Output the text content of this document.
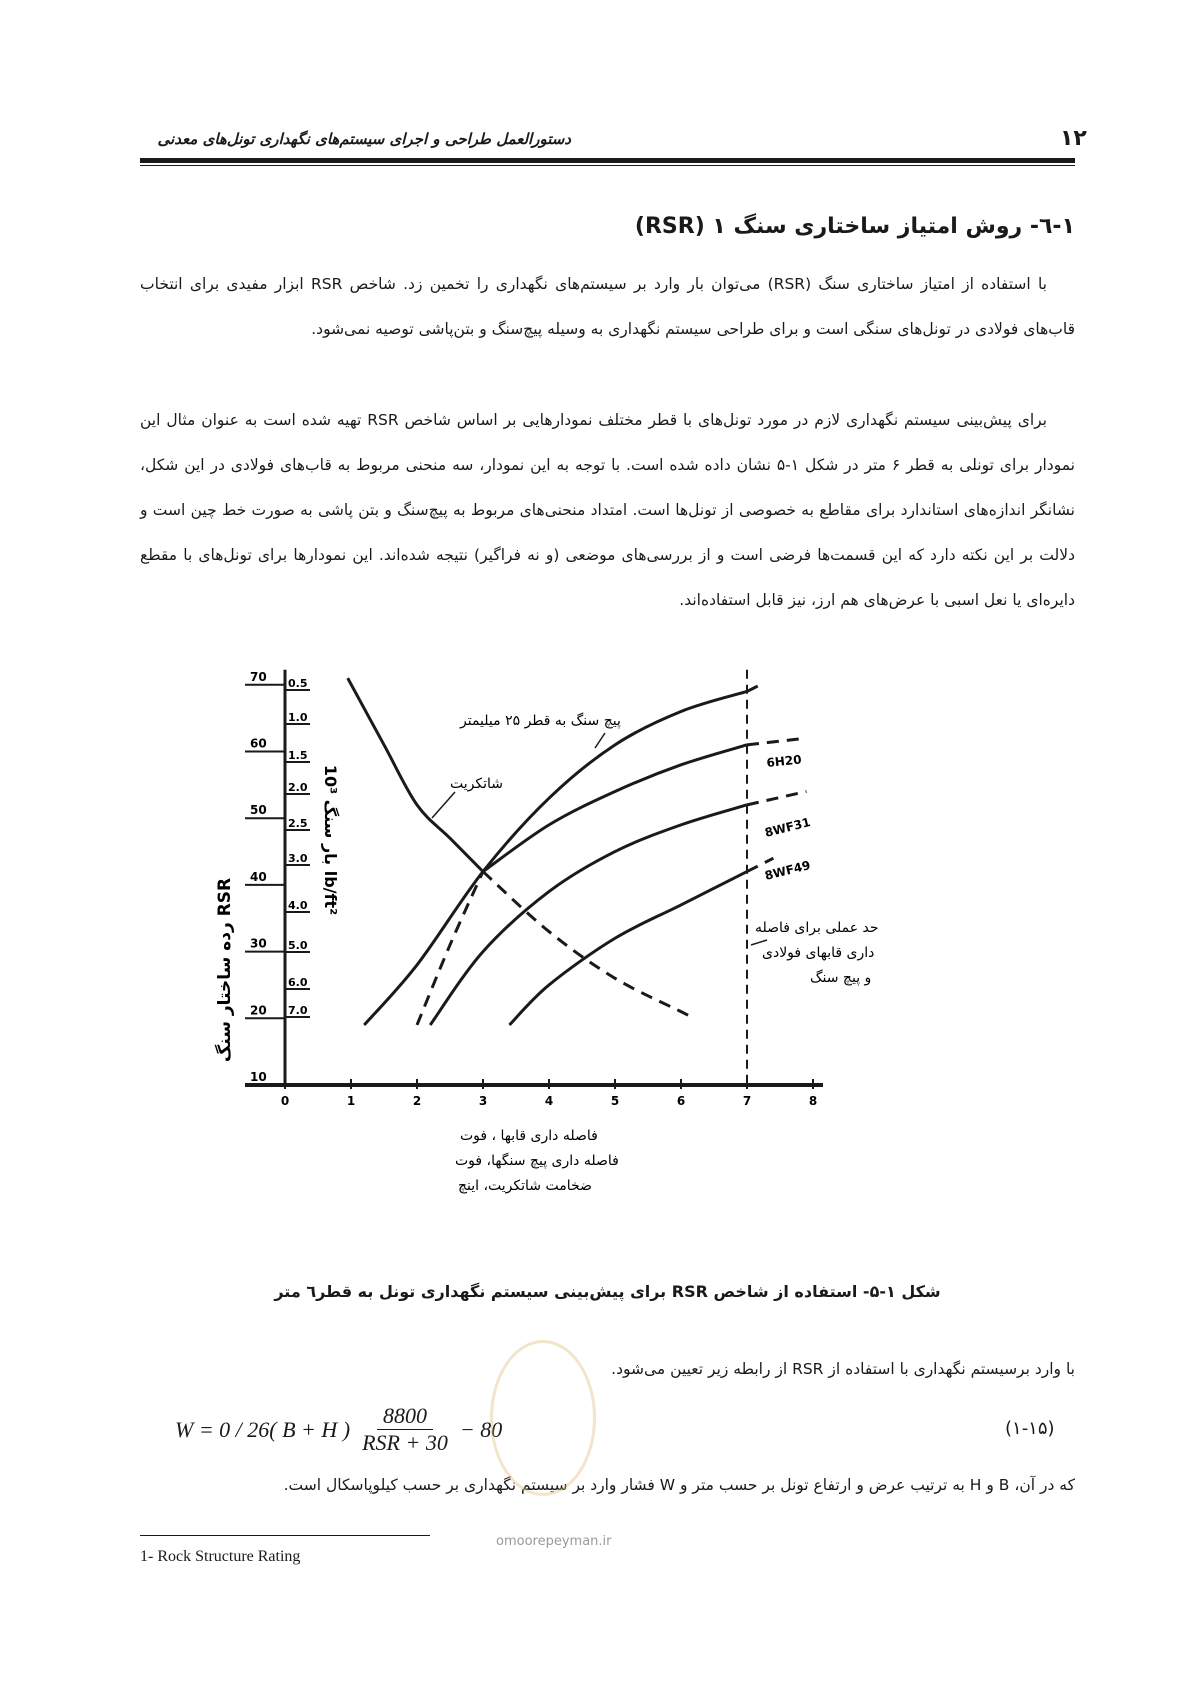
دستورالعمل طراحی و اجرای سیستم‌های نگهداری تونل‌های معدنی	۱۲
۱-٦- روش امتیاز ساختاری سنگ ۱ (RSR)

با استفاده از امتیاز ساختاری سنگ (RSR) می‌توان بار وارد بر سیستم‌های نگهداری را تخمین زد. شاخص RSR ابزار مفیدی برای انتخاب قاب‌های فولادی در تونل‌های سنگی است و برای طراحی سیستم نگهداری به وسیله پیچ‌سنگ و بتن‌پاشی توصیه نمی‌شود.

برای پیش‌بینی سیستم نگهداری لازم در مورد تونل‌های با قطر مختلف نمودارهایی بر اساس شاخص RSR تهیه شده است به عنوان مثال این نمودار برای تونلی به قطر ۶ متر در شکل ۱-۵ نشان داده شده است. با توجه به این نمودار، سه منحنی مربوط به قاب‌های فولادی در این شکل، نشانگر اندازه‌های استاندارد برای مقاطع به خصوصی از تونل‌ها است. امتداد منحنی‌های مربوط به پیچ‌سنگ و بتن پاشی به صورت خط چین است و دلالت بر این نکته دارد که این قسمت‌ها فرضی است و از بررسی‌های موضعی (و نه فراگیر) نتیجه شده‌اند. این نمودارها برای تونل‌های با مقطع دایره‌ای یا نعل اسبی با عرض‌های هم ارز، نیز قابل استفاده‌اند.

0	1	2	3	4	5	6	7	8
70
60
50
40
30
20
10
0.5
1.0
1.5
2.0
2.5
3.0
4.0
5.0
6.0
7.0
رده ساختار سنگ RSR
بار سنگ 10³ lb/ft²
فاصله داری قابها ، فوت
فاصله داری پیچ سنگها، فوت
ضخامت شاتکریت، اینچ
حد عملی برای فاصله
داری قابهای فولادی
و پیچ سنگ
پیچ سنگ به قطر ۲۵ میلیمتر
شاتکریت
6H20
8WF31
8WF49
شکل ۱-۵- استفاده از شاخص RSR برای پیش‌بینی سیستم نگهداری تونل به قطر٦ متر
با وارد برسیستم نگهداری با استفاده از RSR از رابطه زیر تعیین می‌شود.
W = 0 / 26( B + H )
8800
RSR + 30
− 80	(۱-۱۵)
که در آن، B و H به ترتیب عرض و ارتفاع تونل بر حسب متر و W فشار وارد بر سیستم نگهداری بر حسب کیلوپاسکال است.
omoorepeyman.ir
1- Rock Structure Rating
